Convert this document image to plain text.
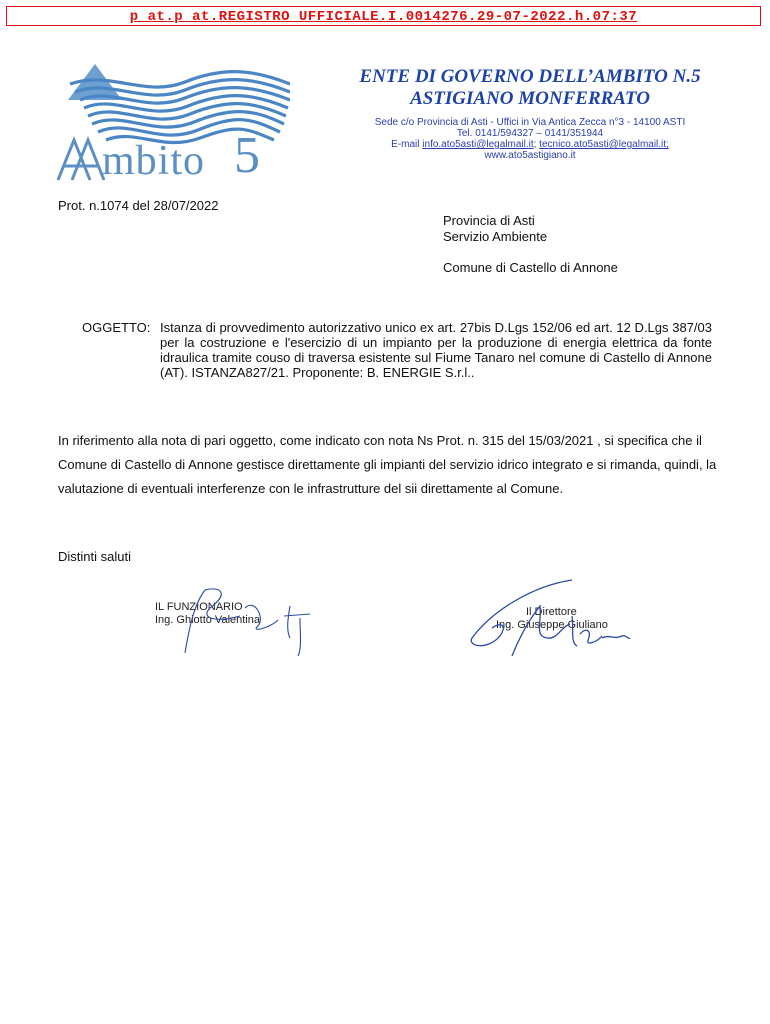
p_at.p_at.REGISTRO UFFICIALE.I.0014276.29-07-2022.h.07:37
mbito 5
ENTE DI GOVERNO DELL’AMBITO N.5
ASTIGIANO MONFERRATO
Sede c/o Provincia di Asti - Uffici in Via Antica Zecca n°3 - 14100 ASTI
Tel. 0141/594327 – 0141/351944
E-mail info.ato5asti@legalmail.it; tecnico.ato5asti@legalmail.it;
www.ato5astigiano.it
Prot. n.1074 del 28/07/2022
Provincia di Asti
Servizio Ambiente
Comune di Castello di Annone
OGGETTO: Istanza di provvedimento autorizzativo unico ex art. 27bis D.Lgs 152/06 ed art. 12 D.Lgs 387/03 per la costruzione e l'esercizio di un impianto per la produzione di energia elettrica da fonte idraulica tramite couso di traversa esistente sul Fiume Tanaro nel comune di Castello di Annone (AT). ISTANZA827/21. Proponente: B. ENERGIE S.r.l..
In riferimento alla nota di pari oggetto, come indicato con nota Ns Prot. n. 315 del 15/03/2021 , si specifica che il Comune di Castello di Annone gestisce direttamente gli impianti del servizio idrico integrato e si rimanda, quindi, la valutazione di eventuali interferenze con le infrastrutture del sii direttamente al Comune.
Distinti saluti
IL FUNZIONARIO
Ing. Ghiotto Valentina
Il Direttore
Ing. Giuseppe Giuliano
